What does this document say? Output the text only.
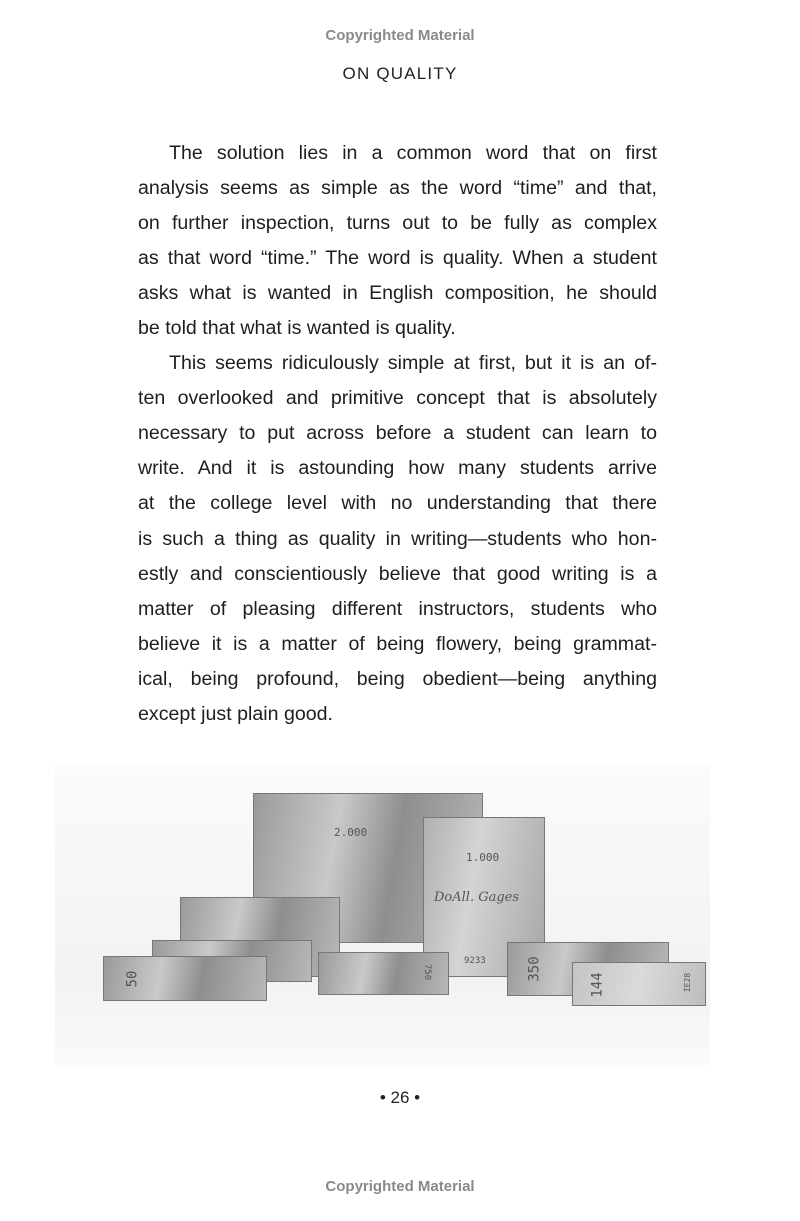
Copyrighted Material
ON QUALITY
The solution lies in a common word that on first
analysis seems as simple as the word “time” and that,
on further inspection, turns out to be fully as complex
as that word “time.” The word is quality. When a student
asks what is wanted in English composition, he should
be told that what is wanted is quality.
This seems ridiculously simple at first, but it is an of-
ten overlooked and primitive concept that is absolutely
necessary to put across before a student can learn to
write. And it is astounding how many students arrive
at the college level with no understanding that there
is such a thing as quality in writing—students who hon-
estly and conscientiously believe that good writing is a
matter of pleasing different instructors, students who
believe it is a matter of being flowery, being grammat-
ical, being profound, being obedient—being anything
except just plain good.
2.000
1.000
DoAll. Gages
9233
50	750	350
144	IE28
• 26 •
Copyrighted Material
